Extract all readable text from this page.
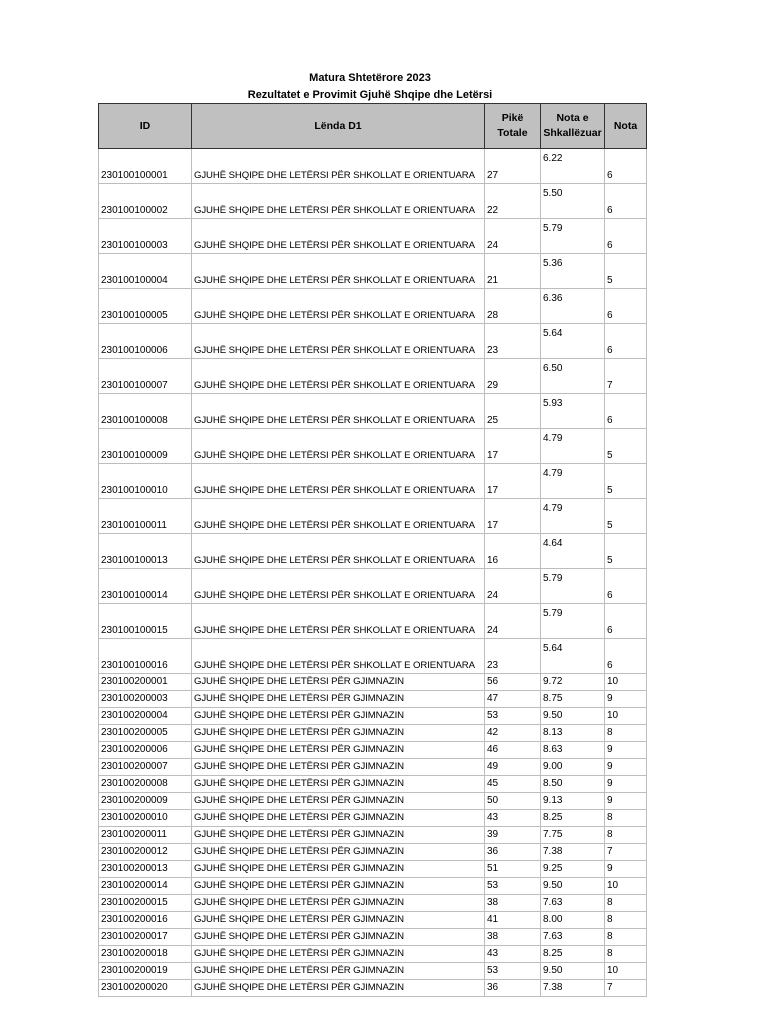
Matura Shtetërore 2023
Rezultatet e Provimit Gjuhë Shqipe dhe Letërsi
ID	Lënda D1	Pikë Totale	Nota e Shkallëzuar	Nota
230100100001	GJUHË SHQIPE DHE LETËRSI PËR SHKOLLAT E ORIENTUARA	27	6.22	6
230100100002	GJUHË SHQIPE DHE LETËRSI PËR SHKOLLAT E ORIENTUARA	22	5.50	6
230100100003	GJUHË SHQIPE DHE LETËRSI PËR SHKOLLAT E ORIENTUARA	24	5.79	6
230100100004	GJUHË SHQIPE DHE LETËRSI PËR SHKOLLAT E ORIENTUARA	21	5.36	5
230100100005	GJUHË SHQIPE DHE LETËRSI PËR SHKOLLAT E ORIENTUARA	28	6.36	6
230100100006	GJUHË SHQIPE DHE LETËRSI PËR SHKOLLAT E ORIENTUARA	23	5.64	6
230100100007	GJUHË SHQIPE DHE LETËRSI PËR SHKOLLAT E ORIENTUARA	29	6.50	7
230100100008	GJUHË SHQIPE DHE LETËRSI PËR SHKOLLAT E ORIENTUARA	25	5.93	6
230100100009	GJUHË SHQIPE DHE LETËRSI PËR SHKOLLAT E ORIENTUARA	17	4.79	5
230100100010	GJUHË SHQIPE DHE LETËRSI PËR SHKOLLAT E ORIENTUARA	17	4.79	5
230100100011	GJUHË SHQIPE DHE LETËRSI PËR SHKOLLAT E ORIENTUARA	17	4.79	5
230100100013	GJUHË SHQIPE DHE LETËRSI PËR SHKOLLAT E ORIENTUARA	16	4.64	5
230100100014	GJUHË SHQIPE DHE LETËRSI PËR SHKOLLAT E ORIENTUARA	24	5.79	6
230100100015	GJUHË SHQIPE DHE LETËRSI PËR SHKOLLAT E ORIENTUARA	24	5.79	6
230100100016	GJUHË SHQIPE DHE LETËRSI PËR SHKOLLAT E ORIENTUARA	23	5.64	6
230100200001	GJUHË SHQIPE DHE LETËRSI PËR GJIMNAZIN	56	9.72	10
230100200003	GJUHË SHQIPE DHE LETËRSI PËR GJIMNAZIN	47	8.75	9
230100200004	GJUHË SHQIPE DHE LETËRSI PËR GJIMNAZIN	53	9.50	10
230100200005	GJUHË SHQIPE DHE LETËRSI PËR GJIMNAZIN	42	8.13	8
230100200006	GJUHË SHQIPE DHE LETËRSI PËR GJIMNAZIN	46	8.63	9
230100200007	GJUHË SHQIPE DHE LETËRSI PËR GJIMNAZIN	49	9.00	9
230100200008	GJUHË SHQIPE DHE LETËRSI PËR GJIMNAZIN	45	8.50	9
230100200009	GJUHË SHQIPE DHE LETËRSI PËR GJIMNAZIN	50	9.13	9
230100200010	GJUHË SHQIPE DHE LETËRSI PËR GJIMNAZIN	43	8.25	8
230100200011	GJUHË SHQIPE DHE LETËRSI PËR GJIMNAZIN	39	7.75	8
230100200012	GJUHË SHQIPE DHE LETËRSI PËR GJIMNAZIN	36	7.38	7
230100200013	GJUHË SHQIPE DHE LETËRSI PËR GJIMNAZIN	51	9.25	9
230100200014	GJUHË SHQIPE DHE LETËRSI PËR GJIMNAZIN	53	9.50	10
230100200015	GJUHË SHQIPE DHE LETËRSI PËR GJIMNAZIN	38	7.63	8
230100200016	GJUHË SHQIPE DHE LETËRSI PËR GJIMNAZIN	41	8.00	8
230100200017	GJUHË SHQIPE DHE LETËRSI PËR GJIMNAZIN	38	7.63	8
230100200018	GJUHË SHQIPE DHE LETËRSI PËR GJIMNAZIN	43	8.25	8
230100200019	GJUHË SHQIPE DHE LETËRSI PËR GJIMNAZIN	53	9.50	10
230100200020	GJUHË SHQIPE DHE LETËRSI PËR GJIMNAZIN	36	7.38	7
